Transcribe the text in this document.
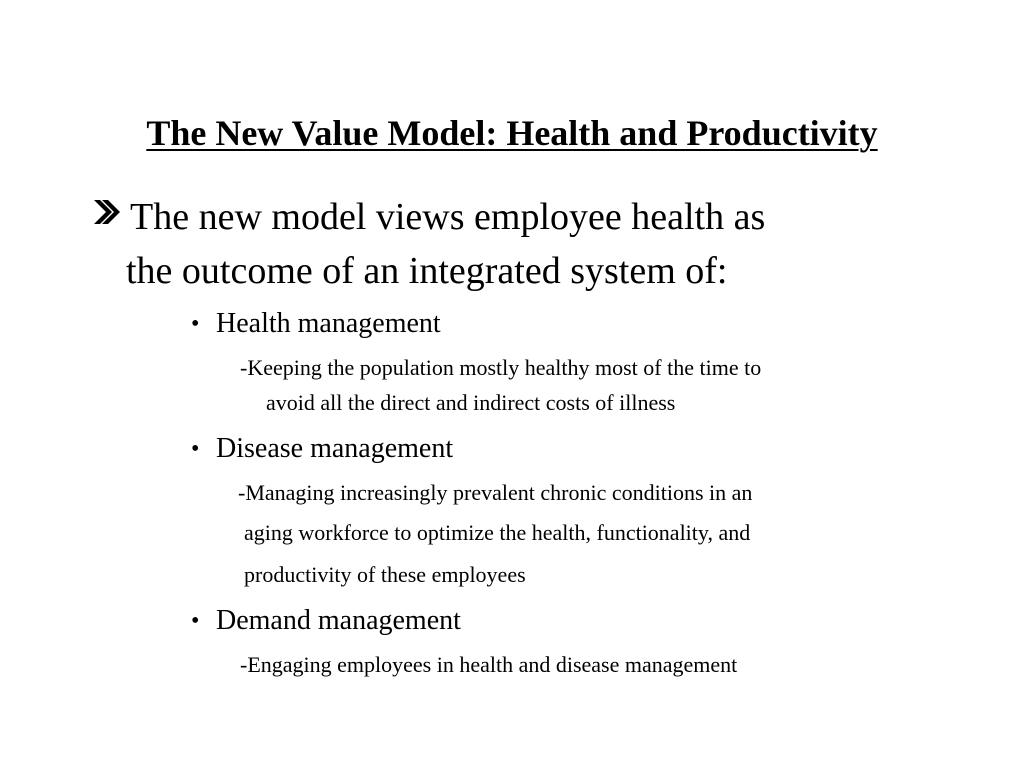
The New Value Model: Health and Productivity
The new model views employee health as
the outcome of an integrated system of:
• Health management
-Keeping the population mostly healthy most of the time to
avoid all the direct and indirect costs of illness
• Disease management
-Managing increasingly prevalent chronic conditions in an
aging workforce to optimize the health, functionality, and
productivity of these employees
• Demand management
-Engaging employees in health and disease management
